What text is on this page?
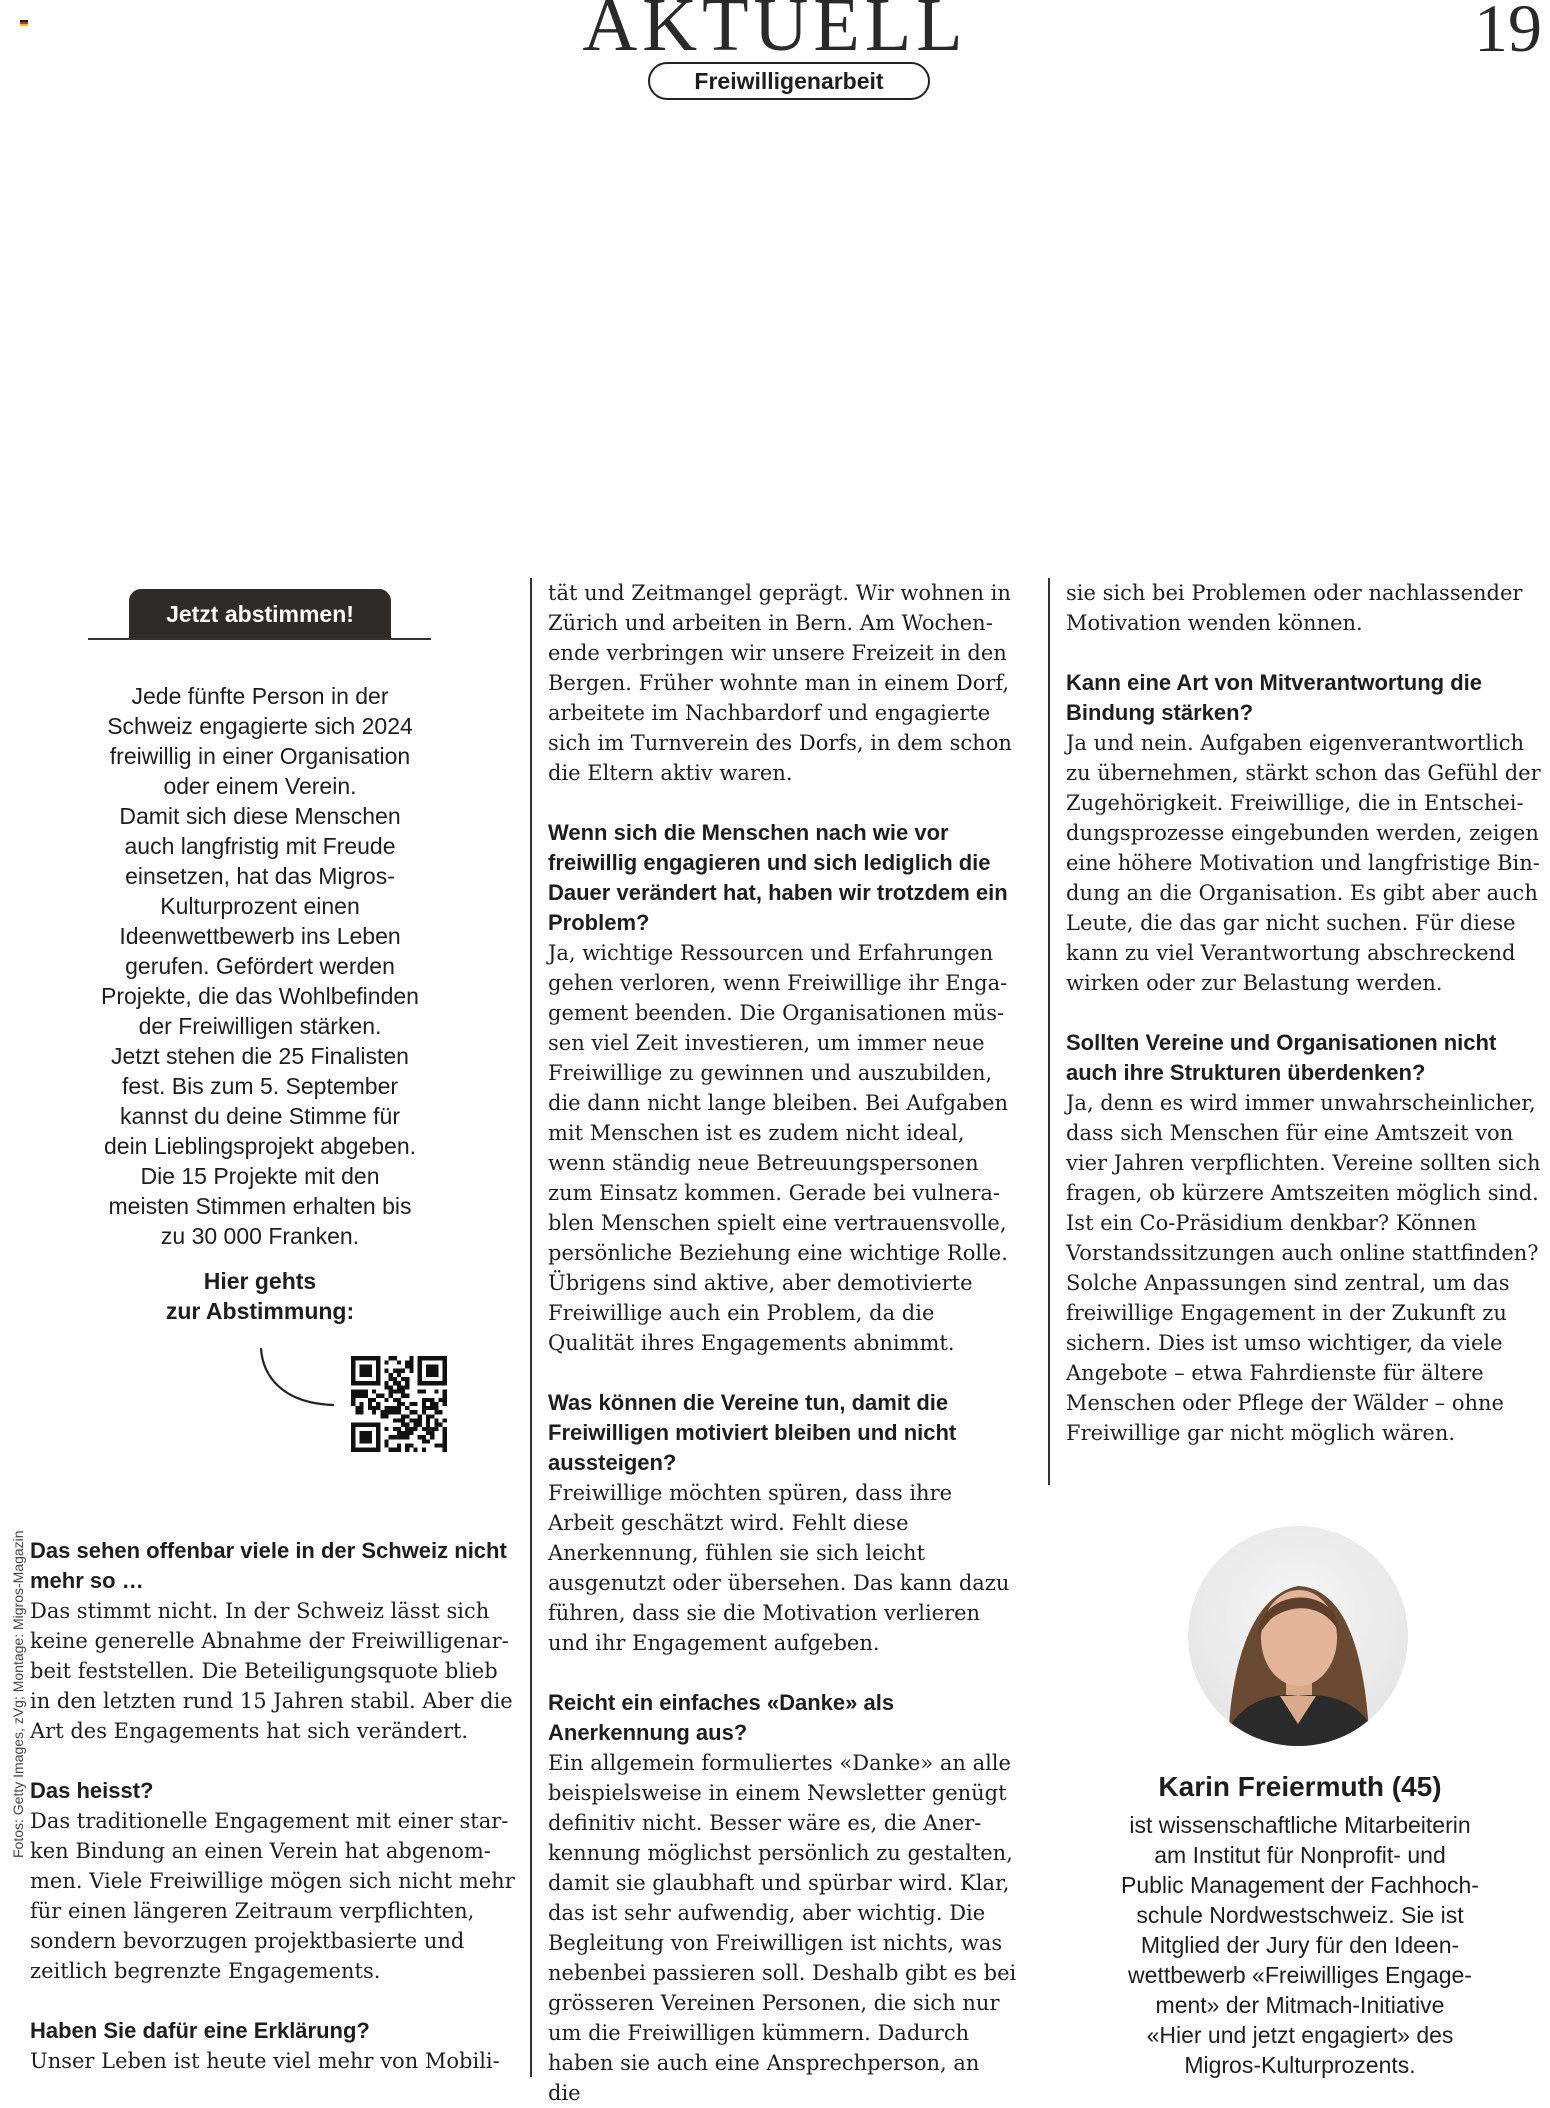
AKTUELL	19
Freiwilligenarbeit
Fotos: Getty Images, zVg; Montage: Migros-Magazin
Jetzt abstimmen!
Jede fünfte Person in der
Schweiz engagierte sich 2024
freiwillig in einer Organisation
oder einem Verein.
Damit sich diese Menschen
auch langfristig mit Freude
einsetzen, hat das Migros-
Kulturprozent einen
Ideenwettbewerb ins Leben
gerufen. Gefördert werden
Projekte, die das Wohlbefinden
der Freiwilligen stärken.
Jetzt stehen die 25 Finalisten
fest. Bis zum 5. September
kannst du deine Stimme für
dein Lieblingsprojekt abgeben.
Die 15 Projekte mit den
meisten Stimmen erhalten bis
zu 30 000 Franken.
Hier gehts
zur Abstimmung:
Das sehen offenbar viele in der Schweiz nicht mehr so …
Das stimmt nicht. In der Schweiz lässt sich keine generelle Abnahme der Freiwilligenarbeit feststellen. Die Beteiligungsquote blieb in den letzten rund 15 Jahren stabil. Aber die Art des Engagements hat sich verändert.
Das heisst?
Das traditionelle Engagement mit einer starken Bindung an einen Verein hat abgenommen. Viele Freiwillige mögen sich nicht mehr für einen längeren Zeitraum verpflichten, sondern bevorzugen projektbasierte und zeitlich begrenzte Engagements.
Haben Sie dafür eine Erklärung?
Unser Leben ist heute viel mehr von Mobili-
tät und Zeitmangel geprägt. Wir wohnen in Zürich und arbeiten in Bern. Am Wochenende verbringen wir unsere Freizeit in den Bergen. Früher wohnte man in einem Dorf, arbeitete im Nachbardorf und engagierte sich im Turnverein des Dorfs, in dem schon die Eltern aktiv waren.
Wenn sich die Menschen nach wie vor freiwillig engagieren und sich lediglich die Dauer verändert hat, haben wir trotzdem ein Problem?
Ja, wichtige Ressourcen und Erfahrungen gehen verloren, wenn Freiwillige ihr Engagement beenden. Die Organisationen müssen viel Zeit investieren, um immer neue Freiwillige zu gewinnen und auszubilden, die dann nicht lange bleiben. Bei Aufgaben mit Menschen ist es zudem nicht ideal, wenn ständig neue Betreuungspersonen zum Einsatz kommen. Gerade bei vulnerablen Menschen spielt eine vertrauensvolle, persönliche Beziehung eine wichtige Rolle. Übrigens sind aktive, aber demotivierte Freiwillige auch ein Problem, da die Qualität ihres Engagements abnimmt.
Was können die Vereine tun, damit die Freiwilligen motiviert bleiben und nicht aussteigen?
Freiwillige möchten spüren, dass ihre Arbeit geschätzt wird. Fehlt diese Anerkennung, fühlen sie sich leicht ausgenutzt oder übersehen. Das kann dazu führen, dass sie die Motivation verlieren und ihr Engagement aufgeben.
Reicht ein einfaches «Danke» als Anerkennung aus?
Ein allgemein formuliertes «Danke» an alle beispielsweise in einem Newsletter genügt definitiv nicht. Besser wäre es, die Anerkennung möglichst persönlich zu gestalten, damit sie glaubhaft und spürbar wird. Klar, das ist sehr aufwendig, aber wichtig. Die Begleitung von Freiwilligen ist nichts, was nebenbei passieren soll. Deshalb gibt es bei grösseren Vereinen Personen, die sich nur um die Freiwilligen kümmern. Dadurch haben sie auch eine Ansprechperson, an die
sie sich bei Problemen oder nachlassender Motivation wenden können.
Kann eine Art von Mitverantwortung die Bindung stärken?
Ja und nein. Aufgaben eigenverantwortlich zu übernehmen, stärkt schon das Gefühl der Zugehörigkeit. Freiwillige, die in Entscheidungsprozesse eingebunden werden, zeigen eine höhere Motivation und langfristige Bindung an die Organisation. Es gibt aber auch Leute, die das gar nicht suchen. Für diese kann zu viel Verantwortung abschreckend wirken oder zur Belastung werden.
Sollten Vereine und Organisationen nicht auch ihre Strukturen überdenken?
Ja, denn es wird immer unwahrscheinlicher, dass sich Menschen für eine Amtszeit von vier Jahren verpflichten. Vereine sollten sich fragen, ob kürzere Amtszeiten möglich sind. Ist ein Co-Präsidium denkbar? Können Vorstandssitzungen auch online stattfinden? Solche Anpassungen sind zentral, um das freiwillige Engagement in der Zukunft zu sichern. Dies ist umso wichtiger, da viele Angebote – etwa Fahrdienste für ältere Menschen oder Pflege der Wälder – ohne Freiwillige gar nicht möglich wären.
Karin Freiermuth (45)
ist wissenschaftliche Mitarbeiterin
am Institut für Nonprofit- und
Public Management der Fachhoch-
schule Nordwestschweiz. Sie ist
Mitglied der Jury für den Ideen-
wettbewerb «Freiwilliges Engage-
ment» der Mitmach-Initiative
«Hier und jetzt engagiert» des
Migros-Kulturprozents.
